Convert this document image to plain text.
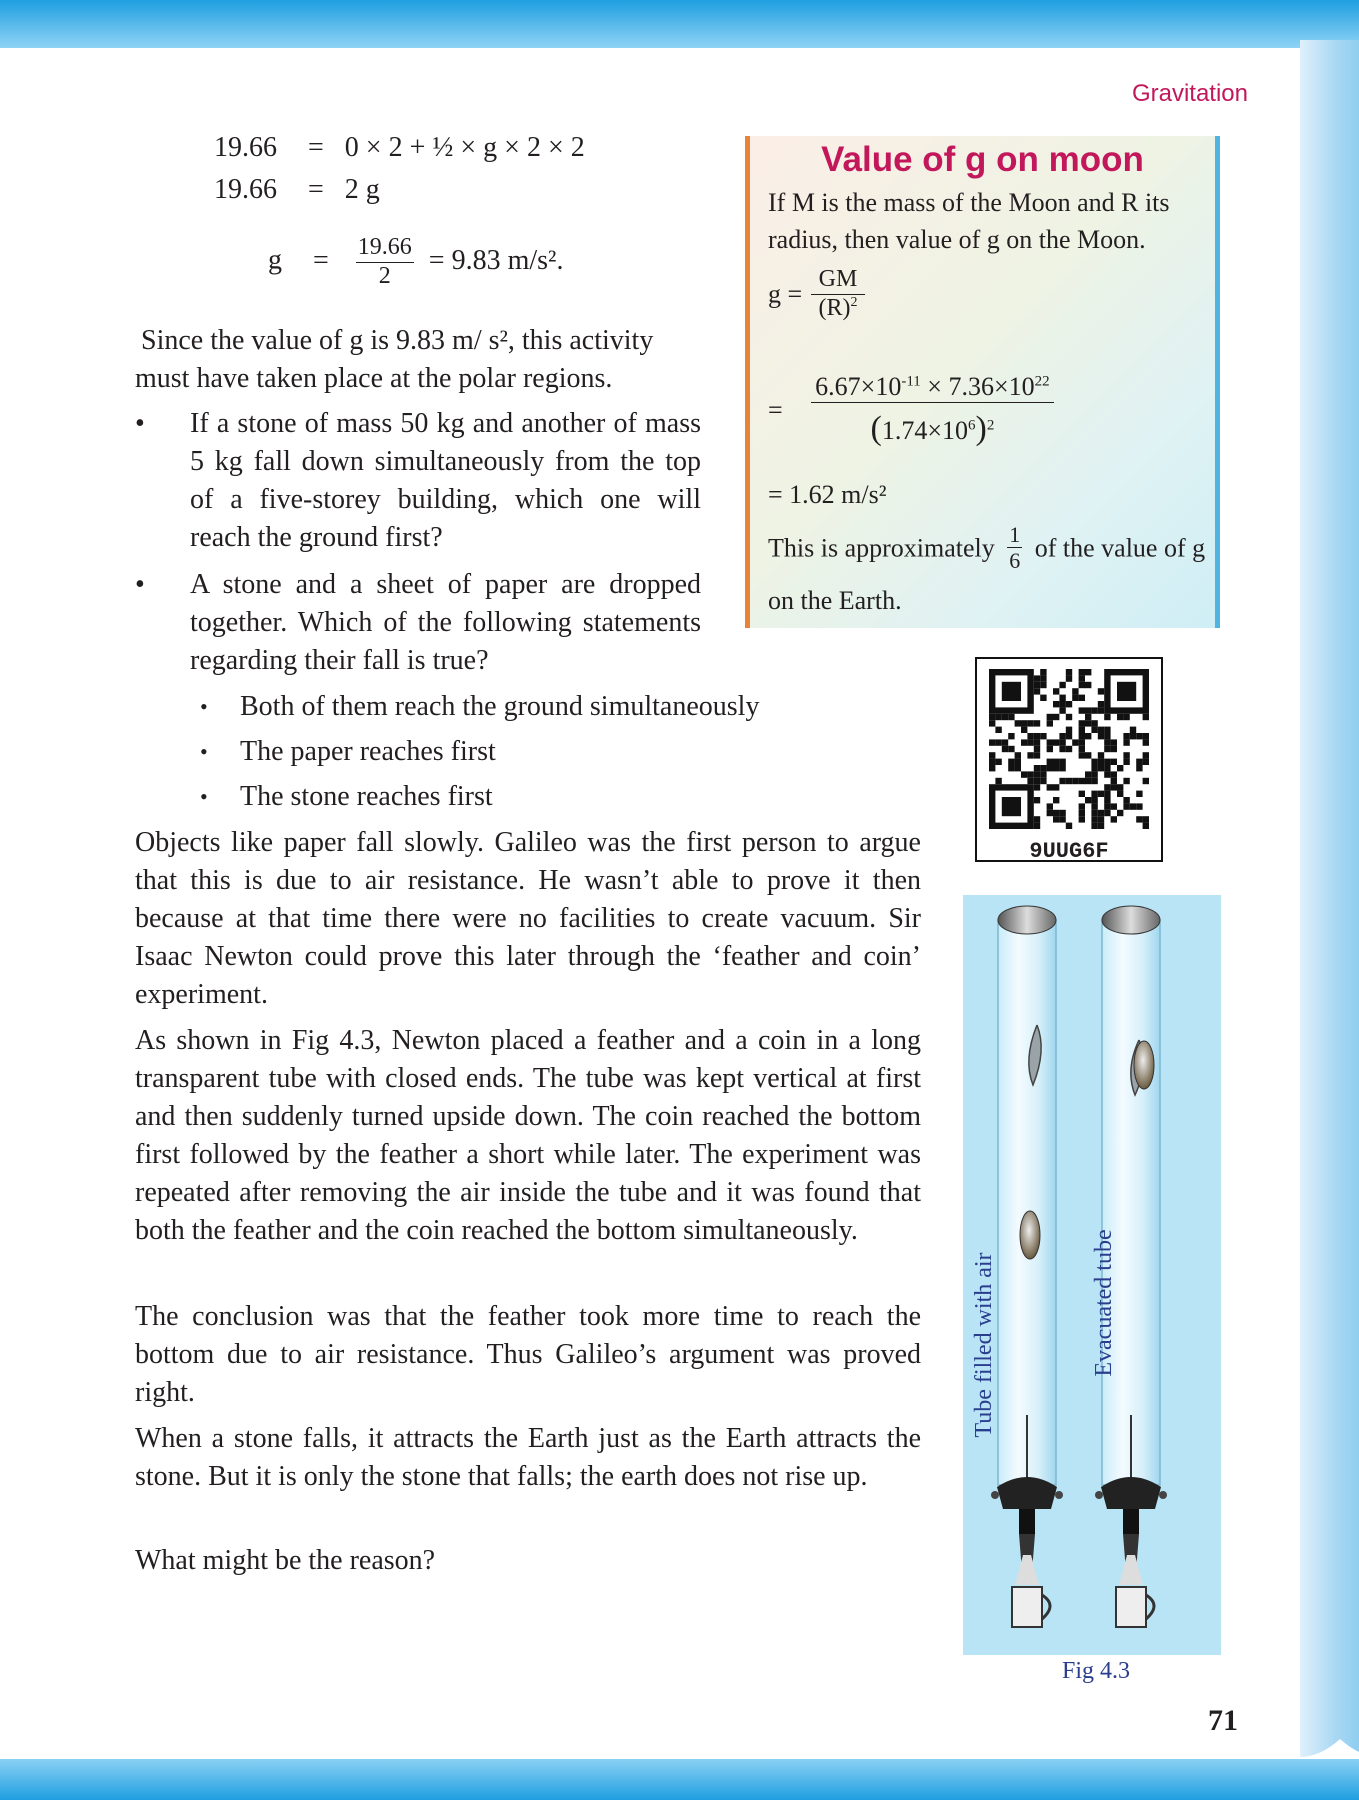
Gravitation
19.66 = 0 × 2 + ½ × g × 2 × 2
19.66 = 2 g
$g = \frac{19.66}{2} = 9.83$ m/s².
Since the value of g is 9.83 m/ s², this activity must have taken place at the polar regions.
• If a stone of mass 50 kg and another of mass 5 kg fall down simultaneously from the top of a five-storey building, which one will reach the ground first?
• A stone and a sheet of paper are dropped together. Which of the following statements regarding their fall is true?
• Both of them reach the ground simultaneously
• The paper reaches first
• The stone reaches first
Objects like paper fall slowly. Galileo was the first person to argue that this is due to air resistance. He wasn’t able to prove it then because at that time there were no facilities to create vacuum. Sir Isaac Newton could prove this later through the ‘feather and coin’ experiment.
As shown in Fig 4.3, Newton placed a feather and a coin in a long transparent tube with closed ends. The tube was kept vertical at first and then suddenly turned upside down. The coin reached the bottom first followed by the feather a short while later. The experiment was repeated after removing the air inside the tube and it was found that both the feather and the coin reached the bottom simultaneously.
The conclusion was that the feather took more time to reach the bottom due to air resistance. Thus Galileo’s argument was proved right.
When a stone falls, it attracts the Earth just as the Earth attracts the stone. But it is only the stone that falls; the earth does not rise up.
What might be the reason?
Value of g on moon
If M is the mass of the Moon and R its radius, then value of g on the Moon.
$g = \frac{GM}{(R)^2}$
= $\frac{6.67\times 10^{-11} \times 7.36\times 10^{22}}{(1.74\times 10^6)^2}$
= 1.62 m/s²
This is approximately $\frac{1}{6}$ of the value of g
on the Earth.
9UUG6F
Tube filled with air	Evacuated tube
Fig 4.3
71
